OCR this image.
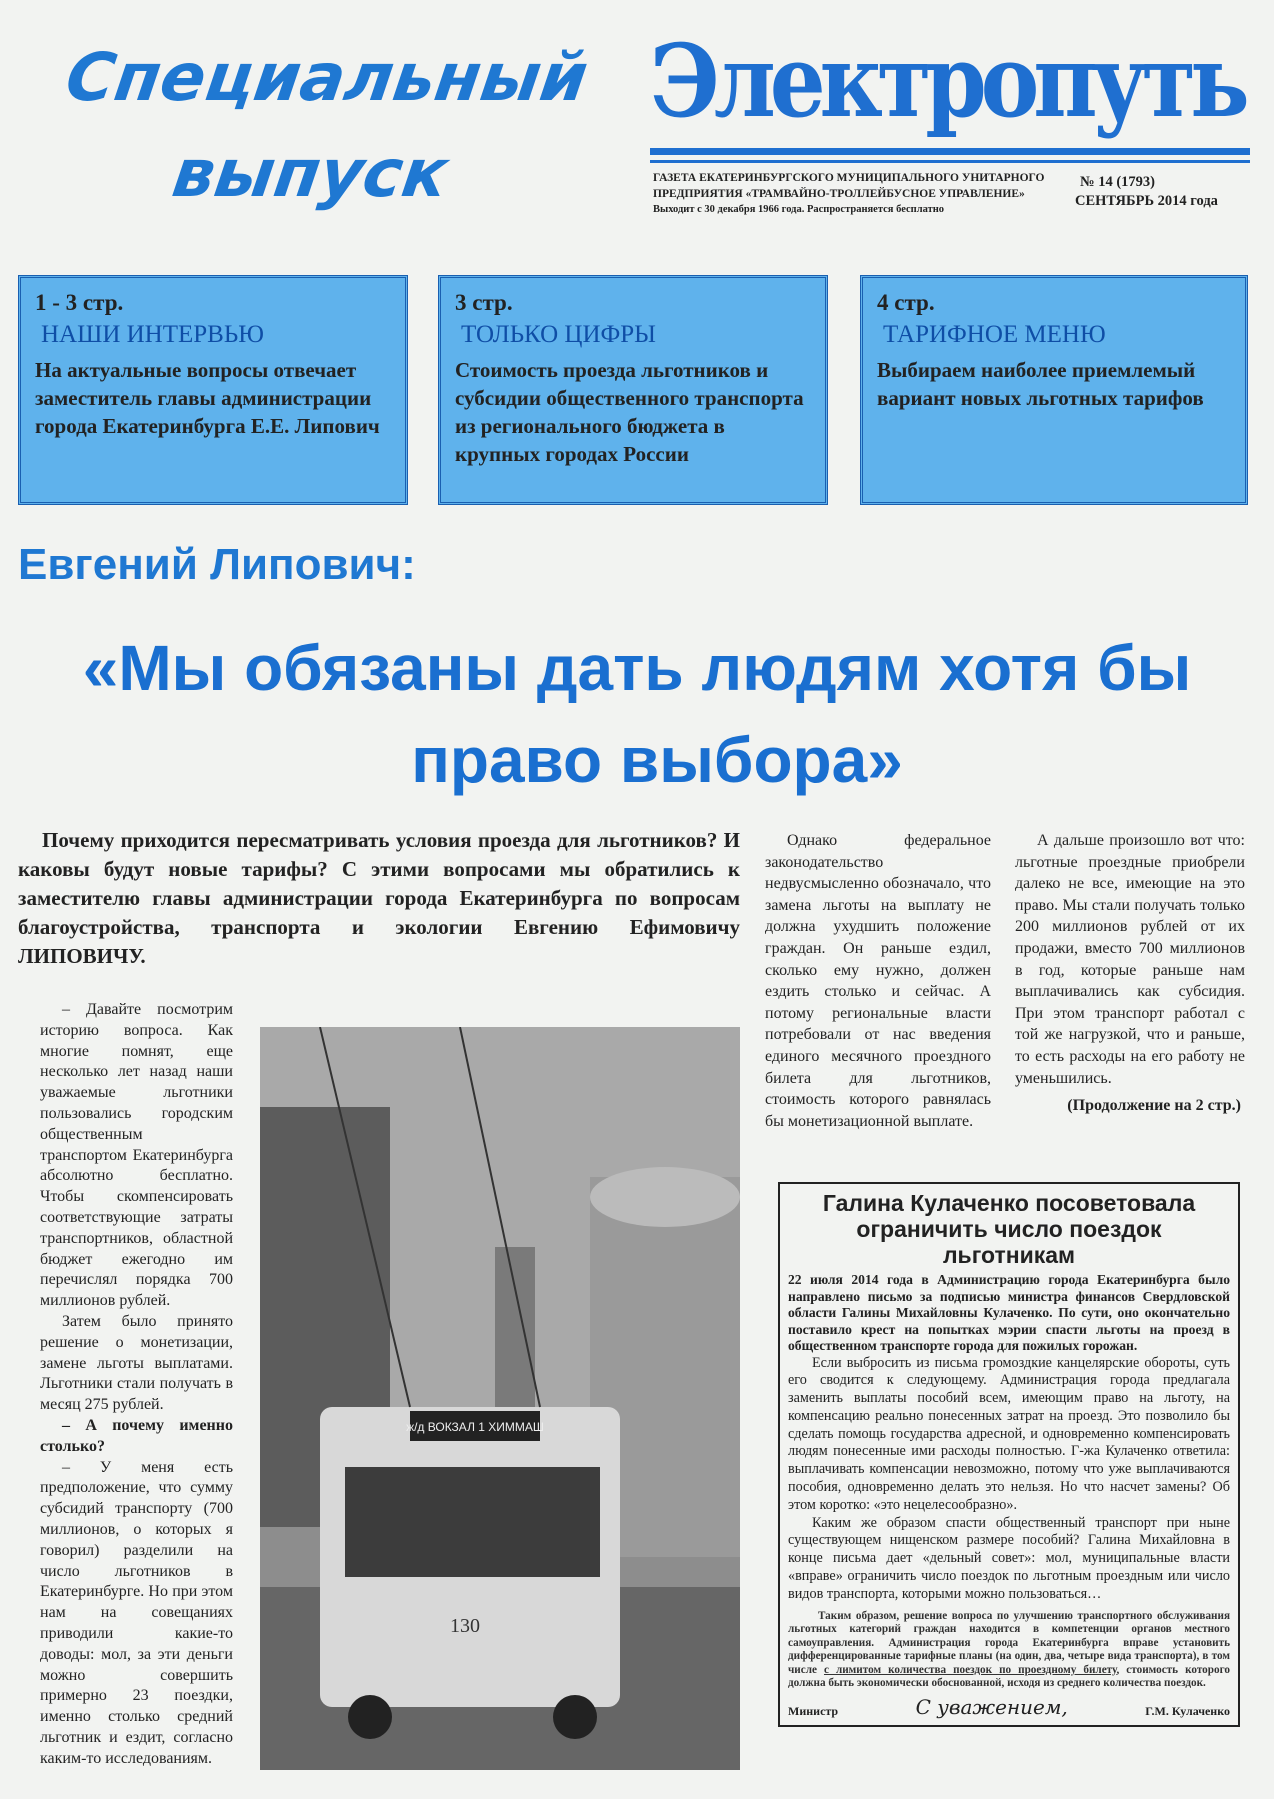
Специальный
выпуск
Электропуть
ГАЗЕТА ЕКАТЕРИНБУРГСКОГО МУНИЦИПАЛЬНОГО УНИТАРНОГО
ПРЕДПРИЯТИЯ «ТРАМВАЙНО-ТРОЛЛЕЙБУСНОЕ УПРАВЛЕНИЕ»
Выходит с 30 декабря 1966 года. Распространяется бесплатно
№ 14 (1793)
СЕНТЯБРЬ 2014 года
1 - 3 стр.
НАШИ ИНТЕРВЬЮ
На актуальные вопросы отвечает заместитель главы администрации города Екатеринбурга Е.Е. Липович
3 стр.
ТОЛЬКО ЦИФРЫ
Стоимость проезда льготников и субсидии общественного транспорта из регионального бюджета в крупных городах России
4 стр.
ТАРИФНОЕ МЕНЮ
Выбираем наиболее приемлемый вариант новых льготных тарифов
Евгений Липович:
«Мы обязаны дать людям хотя бы
право выбора»
Почему приходится пересматривать условия проезда для льготников? И каковы будут новые тарифы? С этими вопросами мы обратились к заместителю главы администрации города Екатеринбурга по вопросам благоустройства, транспорта и экологии Евгению Ефимовичу ЛИПОВИЧУ.

– Давайте посмотрим историю вопроса. Как многие помнят, еще несколько лет назад наши уважаемые льготники пользовались городским общественным транспортом Екатеринбурга абсолютно бесплатно. Чтобы скомпенсировать соответствующие затраты транспортников, областной бюджет ежегодно им перечислял порядка 700 миллионов рублей.

Затем было принято решение о монетизации, замене льготы выплатами. Льготники стали получать в месяц 275 рублей.

– А почему именно столько?

– У меня есть предположение, что сумму субсидий транспорту (700 миллионов, о которых я говорил) разделили на число льготников в Екатеринбурге. Но при этом нам на совещаниях приводили какие-то доводы: мол, за эти деньги можно совершить примерно 23 поездки, именно столько средний льготник и ездит, согласно каким-то исследованиям.

ж/д ВОКЗАЛ 1 ХИММАШ
130

Однако федеральное законодательство недвусмысленно обозначало, что замена льготы на выплату не должна ухудшить положение граждан. Он раньше ездил, сколько ему нужно, должен ездить столько и сейчас. А потому региональные власти потребовали от нас введения единого месячного проездного билета для льготников, стоимость которого равнялась бы монетизационной выплате.

А дальше произошло вот что: льготные проездные приобрели далеко не все, имеющие на это право. Мы стали получать только 200 миллионов рублей от их продажи, вместо 700 миллионов в год, которые раньше нам выплачивались как субсидия. При этом транспорт работал с той же нагрузкой, что и раньше, то есть расходы на его работу не уменьшились.

(Продолжение на 2 стр.)
Галина Кулаченко посоветовала ограничить число поездок льготникам
22 июля 2014 года в Администрацию города Екатеринбурга было направлено письмо за подписью министра финансов Свердловской области Галины Михайловны Кулаченко. По сути, оно окончательно поставило крест на попытках мэрии спасти льготы на проезд в общественном транспорте города для пожилых горожан.

Если выбросить из письма громоздкие канцелярские обороты, суть его сводится к следующему. Администрация города предлагала заменить выплаты пособий всем, имеющим право на льготу, на компенсацию реально понесенных затрат на проезд. Это позволило бы сделать помощь государства адресной, и одновременно компенсировать людям понесенные ими расходы полностью. Г-жа Кулаченко ответила: выплачивать компенсации невозможно, потому что уже выплачиваются пособия, одновременно делать это нельзя. Но что насчет замены? Об этом коротко: «это нецелесообразно».

Каким же образом спасти общественный транспорт при ныне существующем нищенском размере пособий? Галина Михайловна в конце письма дает «дельный совет»: мол, муниципальные власти «вправе» ограничить число поездок по льготным проездным или число видов транспорта, которыми можно пользоваться…

Таким образом, решение вопроса по улучшению транспортного обслуживания льготных категорий граждан находится в компетенции органов местного самоуправления. Администрация города Екатеринбурга вправе установить дифференцированные тарифные планы (на один, два, четыре вида транспорта), в том числе с лимитом количества поездок по проездному билету, стоимость которого должна быть экономически обоснованной, исходя из среднего количества поездок.

Министр	С уважением,	Г.М. Кулаченко
